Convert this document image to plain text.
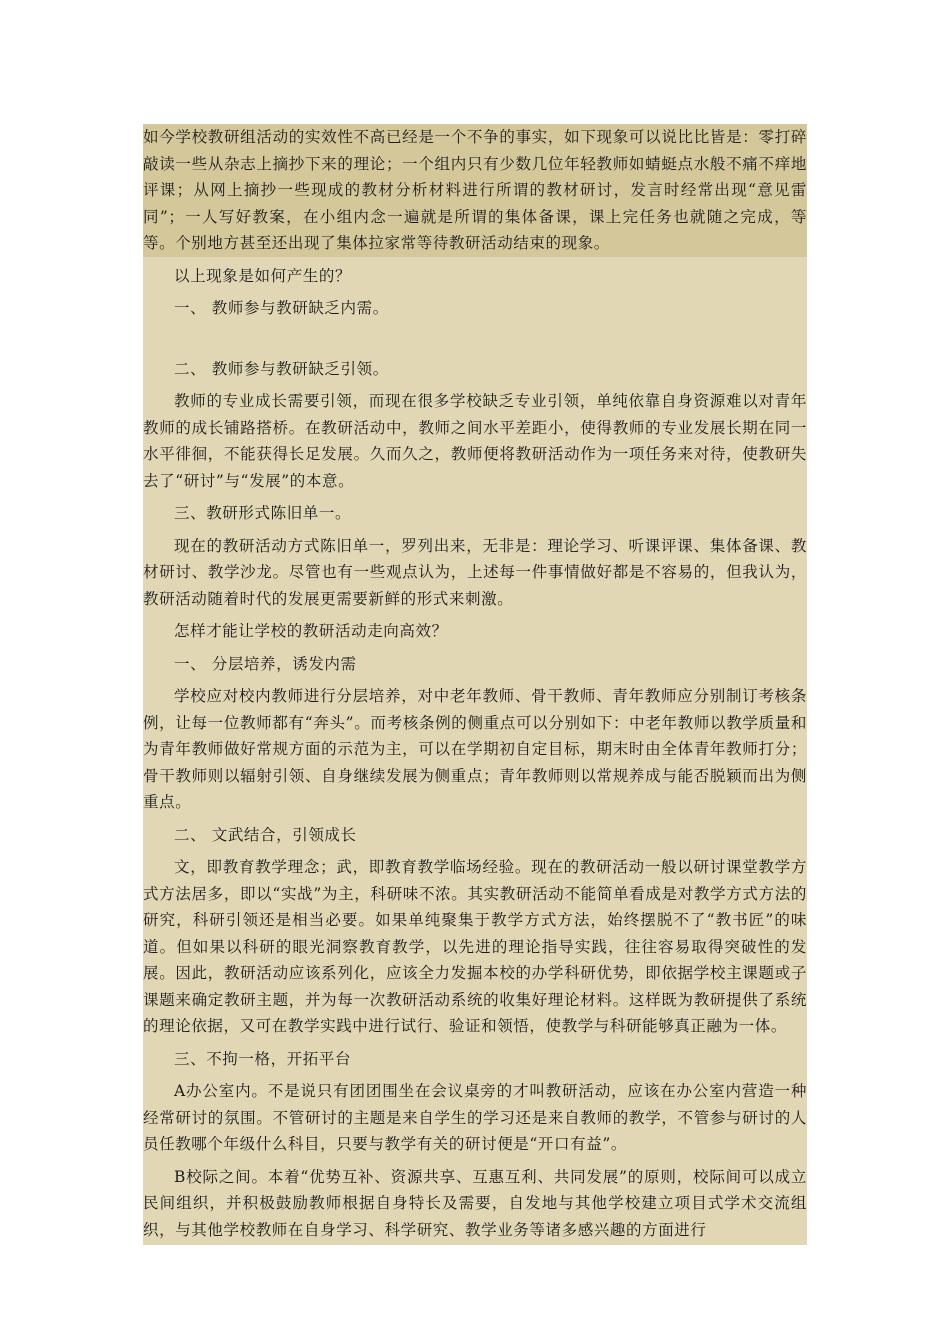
如今学校教研组活动的实效性不高已经是一个不争的事实，如下现象可以说比比皆是：零打碎敲读一些从杂志上摘抄下来的理论；一个组内只有少数几位年轻教师如蜻蜓点水般不痛不痒地评课；从网上摘抄一些现成的教材分析材料进行所谓的教材研讨，发言时经常出现“意见雷同”；一人写好教案，在小组内念一遍就是所谓的集体备课，课上完任务也就随之完成，等等。个别地方甚至还出现了集体拉家常等待教研活动结束的现象。

以上现象是如何产生的？

一、 教师参与教研缺乏内需。

二、 教师参与教研缺乏引领。

教师的专业成长需要引领，而现在很多学校缺乏专业引领，单纯依靠自身资源难以对青年教师的成长铺路搭桥。在教研活动中，教师之间水平差距小，使得教师的专业发展长期在同一水平徘徊，不能获得长足发展。久而久之，教师便将教研活动作为一项任务来对待，使教研失去了“研讨”与“发展”的本意。

三、教研形式陈旧单一。

现在的教研活动方式陈旧单一，罗列出来，无非是：理论学习、听课评课、集体备课、教材研讨、教学沙龙。尽管也有一些观点认为，上述每一件事情做好都是不容易的，但我认为，教研活动随着时代的发展更需要新鲜的形式来刺激。

怎样才能让学校的教研活动走向高效？

一、 分层培养，诱发内需

学校应对校内教师进行分层培养，对中老年教师、骨干教师、青年教师应分别制订考核条例，让每一位教师都有“奔头”。而考核条例的侧重点可以分别如下：中老年教师以教学质量和为青年教师做好常规方面的示范为主，可以在学期初自定目标，期末时由全体青年教师打分；骨干教师则以辐射引领、自身继续发展为侧重点；青年教师则以常规养成与能否脱颖而出为侧重点。

二、 文武结合，引领成长

文，即教育教学理念；武，即教育教学临场经验。现在的教研活动一般以研讨课堂教学方式方法居多，即以“实战”为主，科研味不浓。其实教研活动不能简单看成是对教学方式方法的研究，科研引领还是相当必要。如果单纯聚集于教学方式方法，始终摆脱不了“教书匠”的味道。但如果以科研的眼光洞察教育教学，以先进的理论指导实践，往往容易取得突破性的发展。因此，教研活动应该系列化，应该全力发掘本校的办学科研优势，即依据学校主课题或子课题来确定教研主题，并为每一次教研活动系统的收集好理论材料。这样既为教研提供了系统的理论依据，又可在教学实践中进行试行、验证和领悟，使教学与科研能够真正融为一体。

三、不拘一格，开拓平台

A办公室内。不是说只有团团围坐在会议桌旁的才叫教研活动，应该在办公室内营造一种经常研讨的氛围。不管研讨的主题是来自学生的学习还是来自教师的教学，不管参与研讨的人员任教哪个年级什么科目，只要与教学有关的研讨便是“开口有益”。

B校际之间。本着“优势互补、资源共享、互惠互利、共同发展”的原则，校际间可以成立民间组织，并积极鼓励教师根据自身特长及需要，自发地与其他学校建立项目式学术交流组织，与其他学校教师在自身学习、科学研究、教学业务等诸多感兴趣的方面进行
